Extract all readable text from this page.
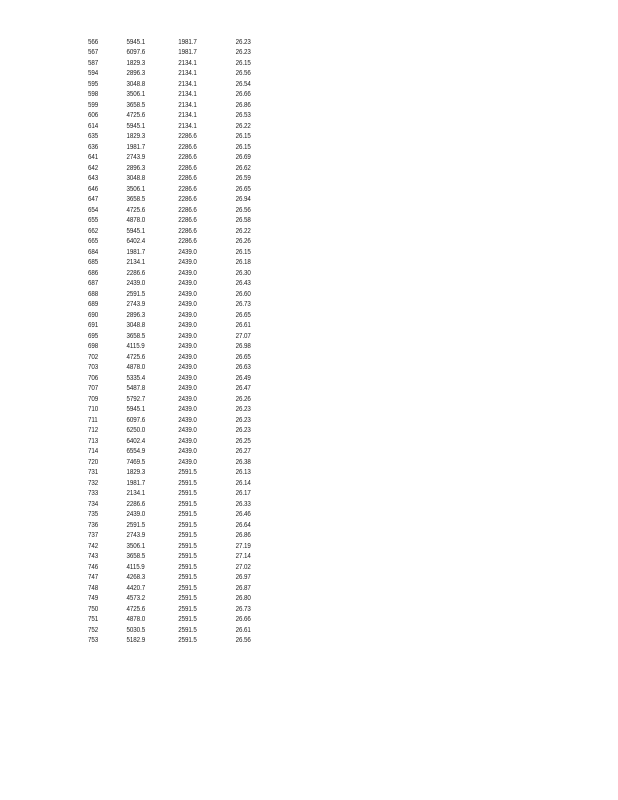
566	5945.1	1981.7	26.23
567	6097.6	1981.7	26.23
587	1829.3	2134.1	26.15
594	2896.3	2134.1	26.56
595	3048.8	2134.1	26.54
598	3506.1	2134.1	26.66
599	3658.5	2134.1	26.86
606	4725.6	2134.1	26.53
614	5945.1	2134.1	26.22
635	1829.3	2286.6	26.15
636	1981.7	2286.6	26.15
641	2743.9	2286.6	26.69
642	2896.3	2286.6	26.62
643	3048.8	2286.6	26.59
646	3506.1	2286.6	26.65
647	3658.5	2286.6	26.94
654	4725.6	2286.6	26.56
655	4878.0	2286.6	26.58
662	5945.1	2286.6	26.22
665	6402.4	2286.6	26.26
684	1981.7	2439.0	26.15
685	2134.1	2439.0	26.18
686	2286.6	2439.0	26.30
687	2439.0	2439.0	26.43
688	2591.5	2439.0	26.60
689	2743.9	2439.0	26.73
690	2896.3	2439.0	26.65
691	3048.8	2439.0	26.61
695	3658.5	2439.0	27.07
698	4115.9	2439.0	26.98
702	4725.6	2439.0	26.65
703	4878.0	2439.0	26.63
706	5335.4	2439.0	26.49
707	5487.8	2439.0	26.47
709	5792.7	2439.0	26.26
710	5945.1	2439.0	26.23
711	6097.6	2439.0	26.23
712	6250.0	2439.0	26.23
713	6402.4	2439.0	26.25
714	6554.9	2439.0	26.27
720	7469.5	2439.0	26.38
731	1829.3	2591.5	26.13
732	1981.7	2591.5	26.14
733	2134.1	2591.5	26.17
734	2286.6	2591.5	26.33
735	2439.0	2591.5	26.46
736	2591.5	2591.5	26.64
737	2743.9	2591.5	26.86
742	3506.1	2591.5	27.19
743	3658.5	2591.5	27.14
746	4115.9	2591.5	27.02
747	4268.3	2591.5	26.97
748	4420.7	2591.5	26.87
749	4573.2	2591.5	26.80
750	4725.6	2591.5	26.73
751	4878.0	2591.5	26.66
752	5030.5	2591.5	26.61
753	5182.9	2591.5	26.56
